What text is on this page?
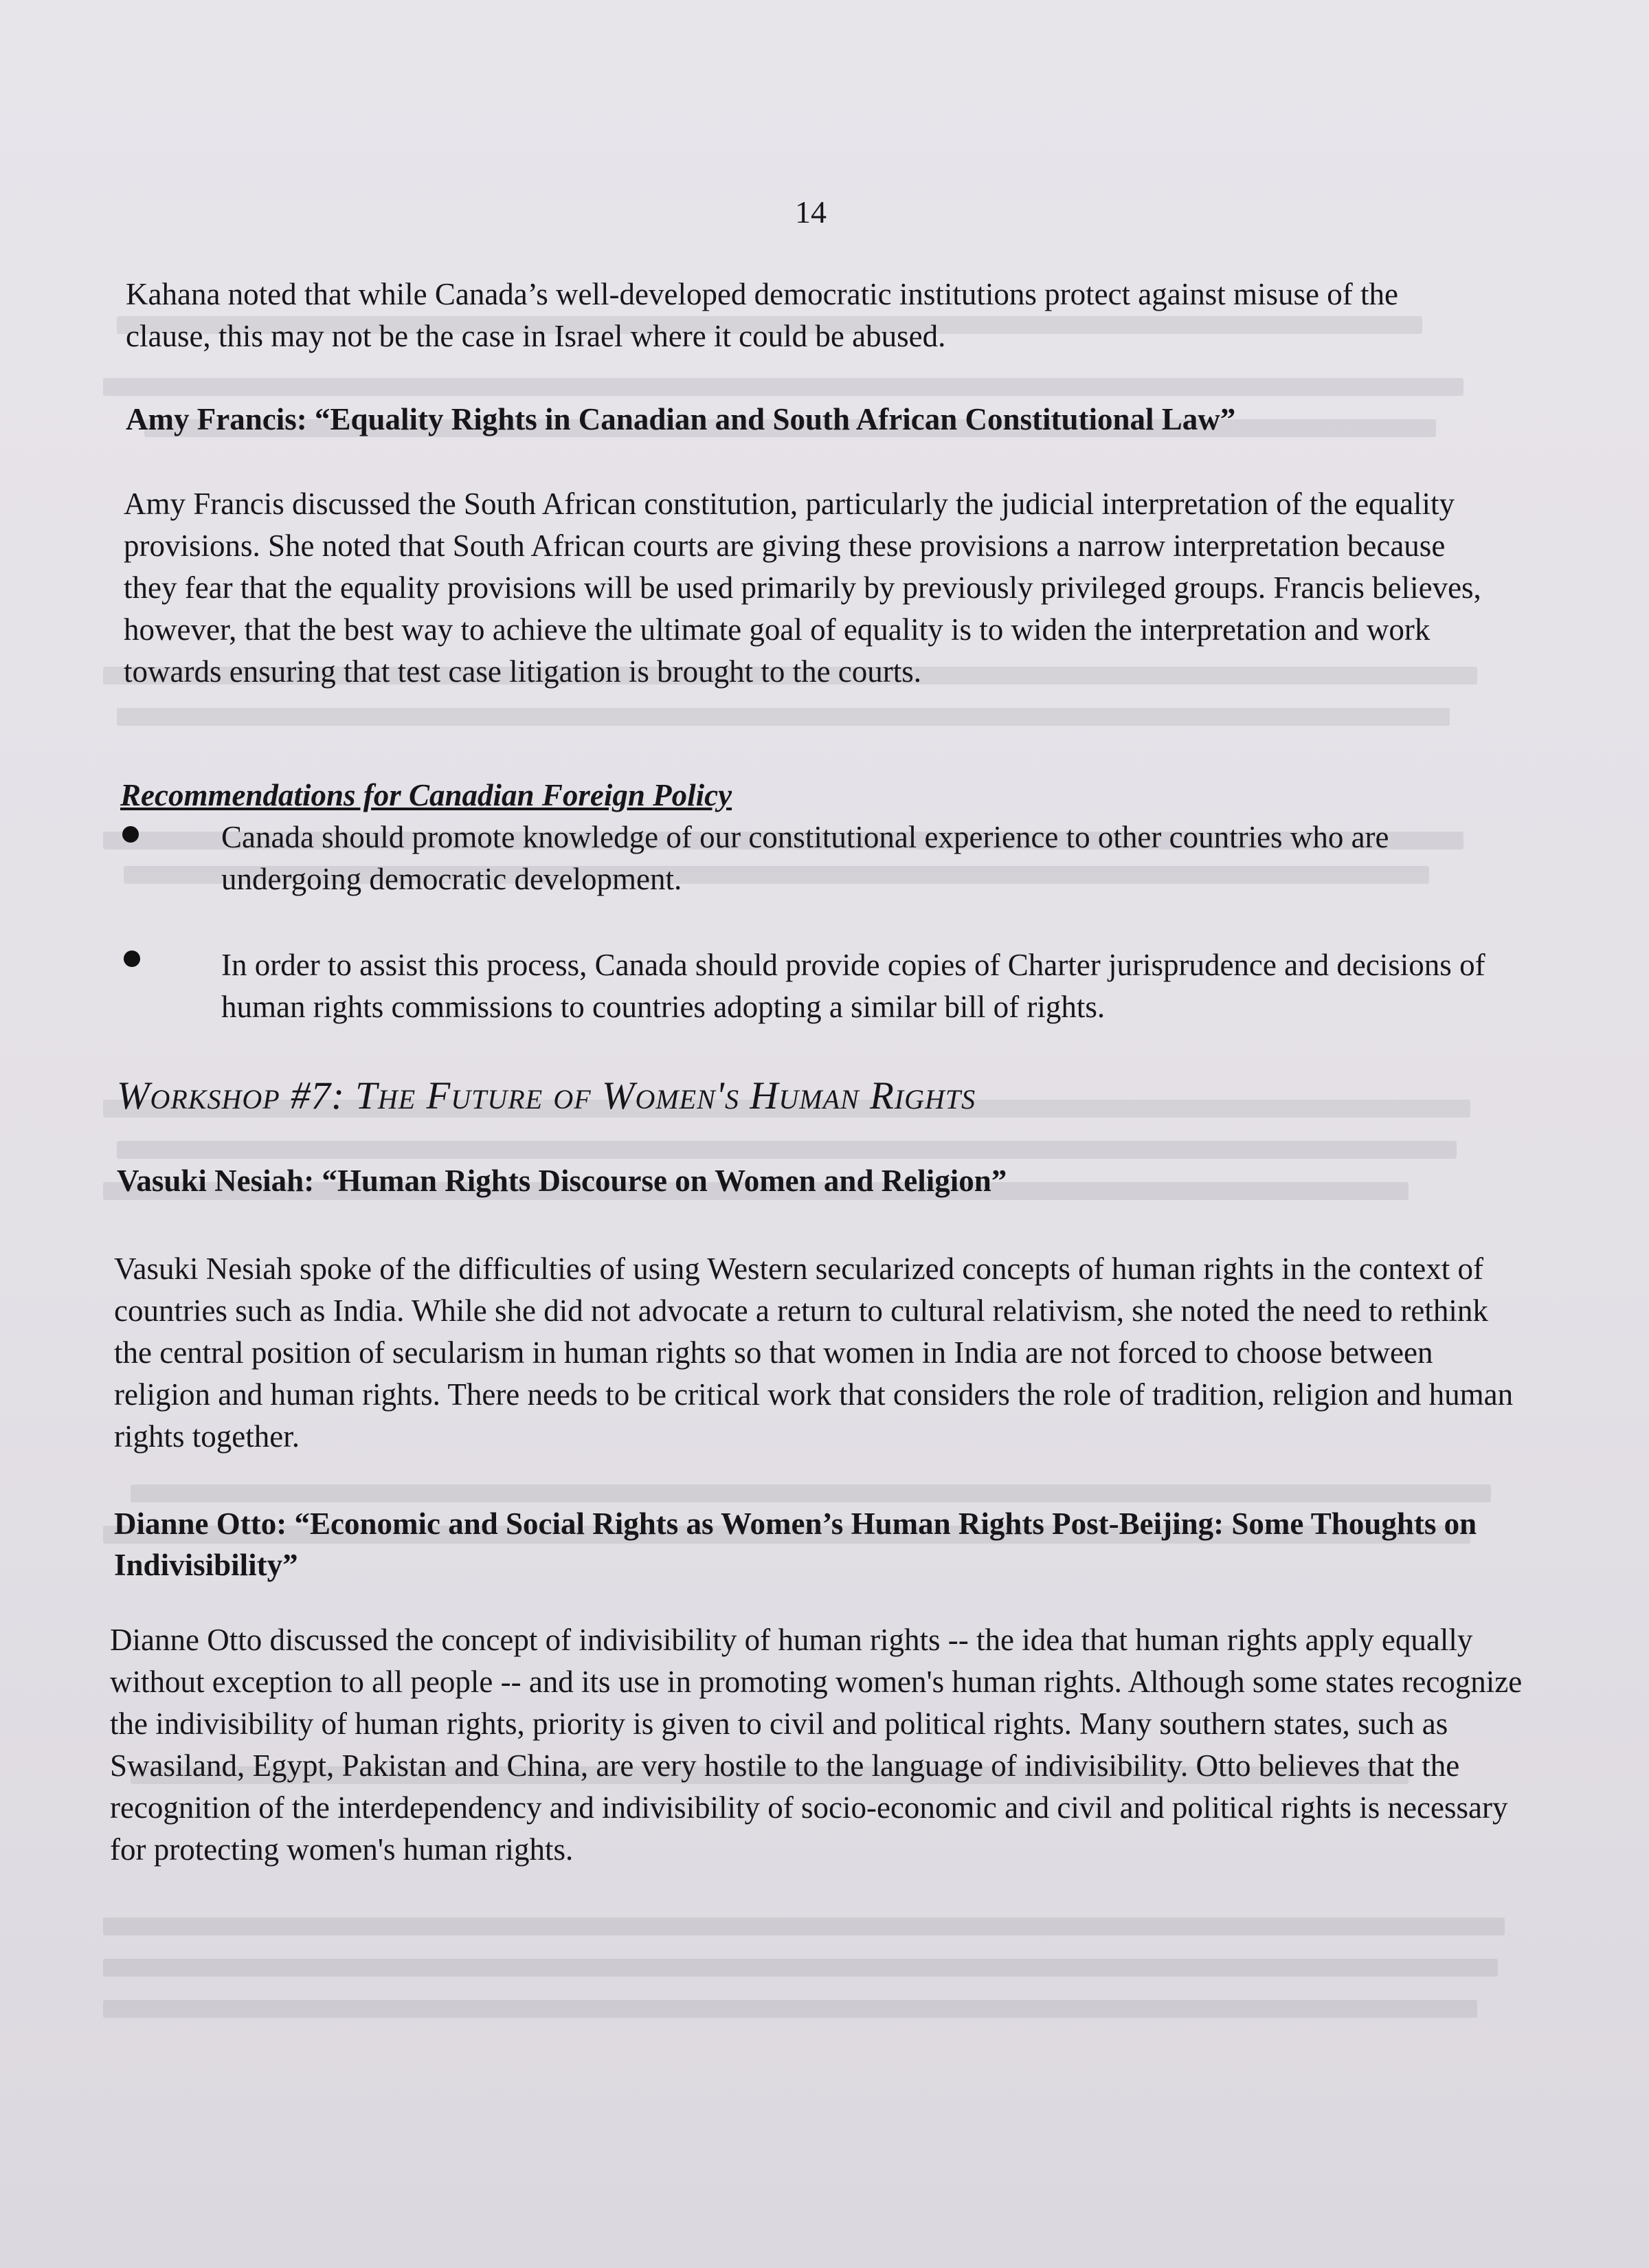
14

Kahana noted that while Canada’s well-developed democratic institutions protect against misuse of the clause, this may not be the case in Israel where it could be abused.

Amy Francis: “Equality Rights in Canadian and South African Constitutional Law”

Amy Francis discussed the South African constitution, particularly the judicial interpretation of the equality provisions. She noted that South African courts are giving these provisions a narrow interpretation because they fear that the equality provisions will be used primarily by previously privileged groups. Francis believes, however, that the best way to achieve the ultimate goal of equality is to widen the interpretation and work towards ensuring that test case litigation is brought to the courts.

Recommendations for Canadian Foreign Policy

Canada should promote knowledge of our constitutional experience to other countries who are undergoing democratic development.

In order to assist this process, Canada should provide copies of Charter jurisprudence and decisions of human rights commissions to countries adopting a similar bill of rights.

Workshop #7: The Future of Women's Human Rights
Vasuki Nesiah: “Human Rights Discourse on Women and Religion”

Vasuki Nesiah spoke of the difficulties of using Western secularized concepts of human rights in the context of countries such as India. While she did not advocate a return to cultural relativism, she noted the need to rethink the central position of secularism in human rights so that women in India are not forced to choose between religion and human rights. There needs to be critical work that considers the role of tradition, religion and human rights together.

Dianne Otto: “Economic and Social Rights as Women’s Human Rights Post-Beijing: Some Thoughts on Indivisibility”

Dianne Otto discussed the concept of indivisibility of human rights -- the idea that human rights apply equally without exception to all people -- and its use in promoting women's human rights. Although some states recognize the indivisibility of human rights, priority is given to civil and political rights. Many southern states, such as Swasiland, Egypt, Pakistan and China, are very hostile to the language of indivisibility. Otto believes that the recognition of the interdependency and indivisibility of socio-economic and civil and political rights is necessary for protecting women's human rights.
